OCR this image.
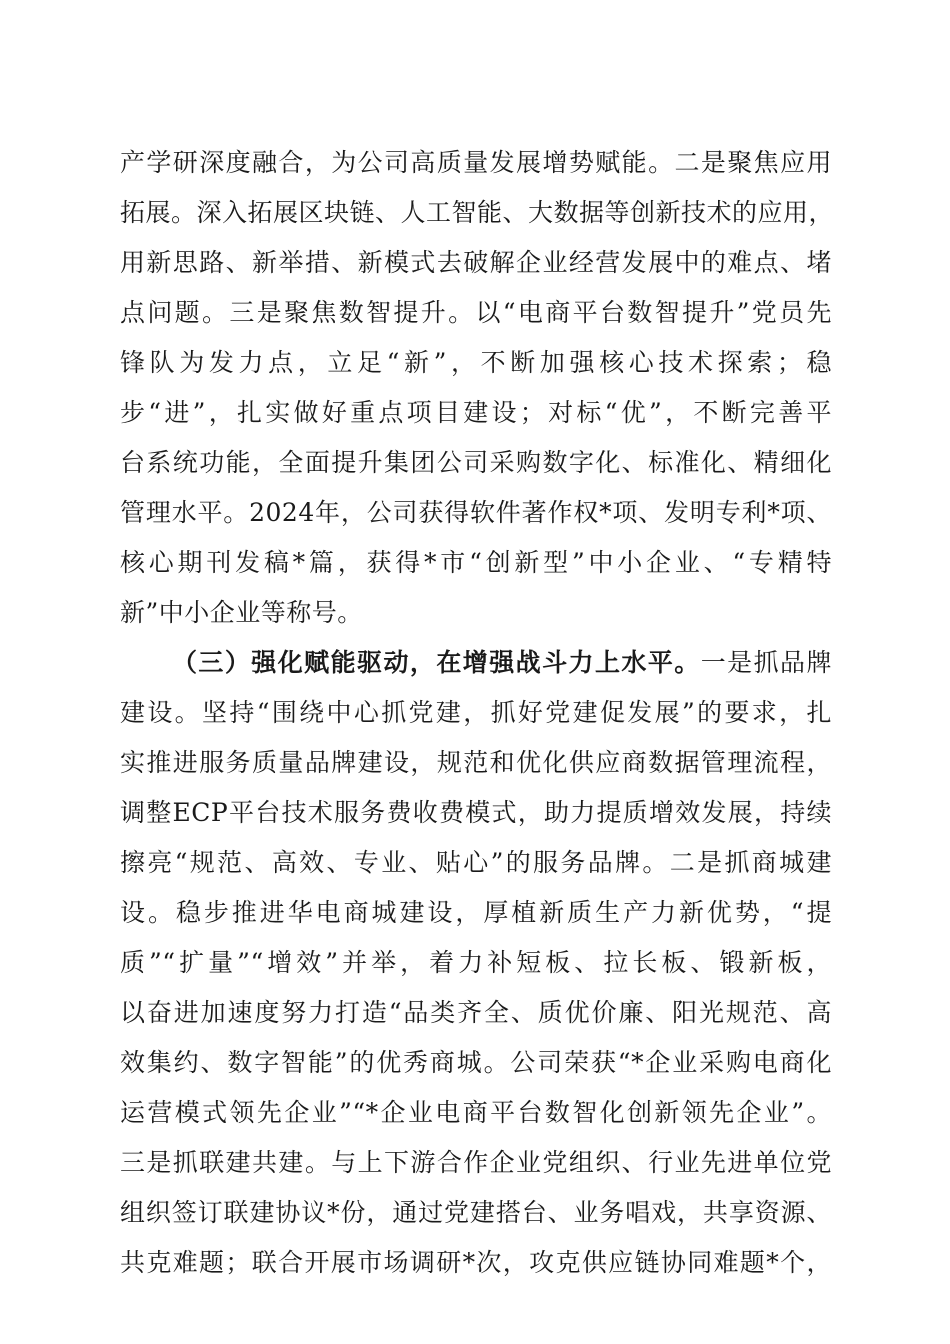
产学研深度融合，为公司高质量发展增势赋能。二是聚焦应用
拓展。深入拓展区块链、人工智能、大数据等创新技术的应用，
用新思路、新举措、新模式去破解企业经营发展中的难点、堵
点问题。三是聚焦数智提升。以“电商平台数智提升”党员先
锋队为发力点，立足“新”，不断加强核心技术探索；稳
步“进”，扎实做好重点项目建设；对标“优”，不断完善平
台系统功能，全面提升集团公司采购数字化、标准化、精细化
管理水平。2024年，公司获得软件著作权*项、发明专利*项、
核心期刊发稿*篇，获得*市“创新型”中小企业、“专精特
新”中小企业等称号。
（三）强化赋能驱动，在增强战斗力上水平。一是抓品牌
建设。坚持“围绕中心抓党建，抓好党建促发展”的要求，扎
实推进服务质量品牌建设，规范和优化供应商数据管理流程，
调整ECP平台技术服务费收费模式，助力提质增效发展，持续
擦亮“规范、高效、专业、贴心”的服务品牌。二是抓商城建
设。稳步推进华电商城建设，厚植新质生产力新优势，“提
质”“扩量”“增效”并举，着力补短板、拉长板、锻新板，
以奋进加速度努力打造“品类齐全、质优价廉、阳光规范、高
效集约、数字智能”的优秀商城。公司荣获“*企业采购电商化
运营模式领先企业”“*企业电商平台数智化创新领先企业”。
三是抓联建共建。与上下游合作企业党组织、行业先进单位党
组织签订联建协议*份，通过党建搭台、业务唱戏，共享资源、
共克难题；联合开展市场调研*次，攻克供应链协同难题*个，
